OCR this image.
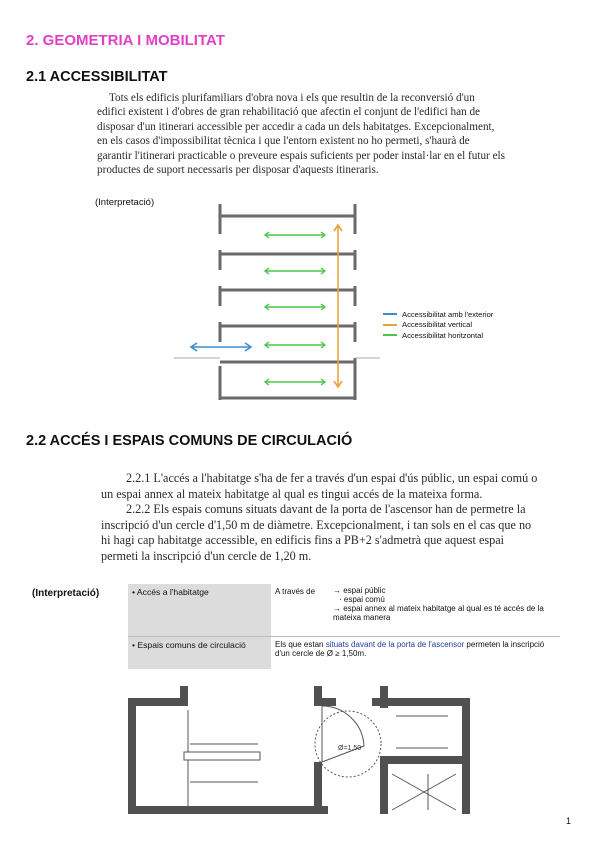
2. GEOMETRIA I MOBILITAT
2.1 ACCESSIBILITAT
Tots els edificis plurifamiliars d'obra nova i els que resultin de la reconversió d'un edifici existent i d'obres de gran rehabilitació que afectin el conjunt de l'edifici han de disposar d'un itinerari accessible per accedir a cada un dels habitatges. Excepcionalment, en els casos d'impossibilitat tècnica i que l'entorn existent no ho permeti, s'haurà de garantir l'itinerari practicable o preveure espais suficients per poder instal·lar en el futur els productes de suport necessaris per disposar d'aquests itineraris.
(Interpretació)
Accessibilitat amb l'exterior
Accessibilitat vertical
Accessibilitat horitzontal
2.2 ACCÉS I ESPAIS COMUNS DE CIRCULACIÓ

2.2.1 L'accés a l'habitatge s'ha de fer a través d'un espai d'ús públic, un espai comú o un espai annex al mateix habitatge al qual es tingui accés de la mateixa forma.

2.2.2 Els espais comuns situats davant de la porta de l'ascensor han de permetre la inscripció d'un cercle d'1,50 m de diàmetre. Excepcionalment, i tan sols en el cas que no hi hagi cap habitatge accessible, en edificis fins a PB+2 s'admetrà que aquest espai permeti la inscripció d'un cercle de 1,20 m.

(Interpretació)	• Accés a l'habitatge	A través de → espai públic
· espai comú
→ espai annex al mateix habitatge al qual es té accés de la mateixa manera

• Espais comuns de circulació	Els que estan situats davant de la porta de l'ascensor permeten la inscripció d'un cercle de Ø ≥ 1,50m.
Ø=1,50
1
